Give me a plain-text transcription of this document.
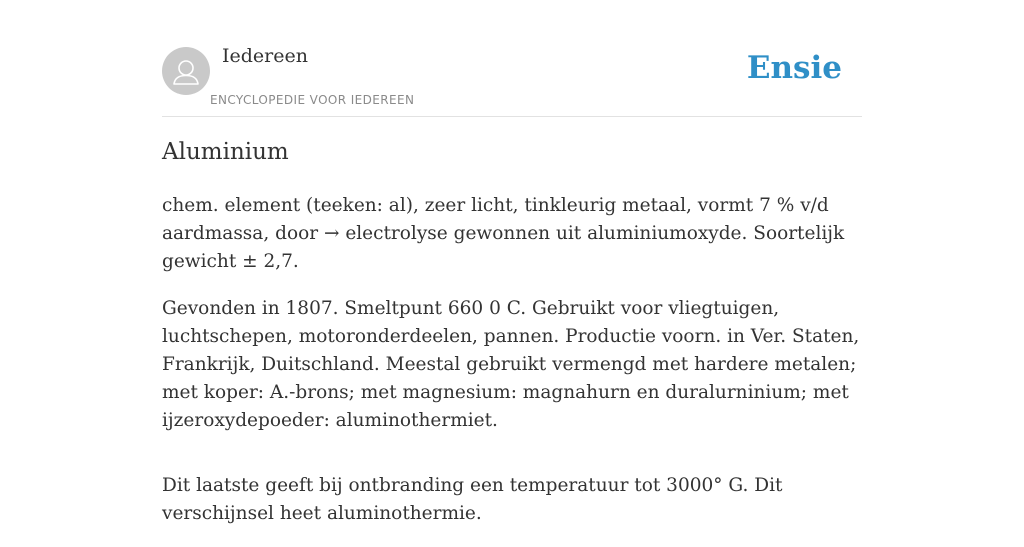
Iedereen
ENCYCLOPEDIE VOOR IEDEREEN
Ensie
Aluminium

chem. element (teeken: al), zeer licht, tinkleurig metaal, vormt 7 % v/d aardmassa, door → electrolyse gewonnen uit aluminiumoxyde. Soortelijk gewicht ± 2,7.

Gevonden in 1807. Smeltpunt 660 0 C. Gebruikt voor vliegtuigen, luchtschepen, motoronderdeelen, pannen. Productie voorn. in Ver. Staten, Frankrijk, Duitschland. Meestal gebruikt vermengd met hardere metalen; met koper: A.-brons; met magnesium: magnahurn en duralurninium; met ijzeroxydepoeder: aluminothermiet.

Dit laatste geeft bij ontbranding een temperatuur tot 3000° G. Dit verschijnsel heet aluminothermie.
